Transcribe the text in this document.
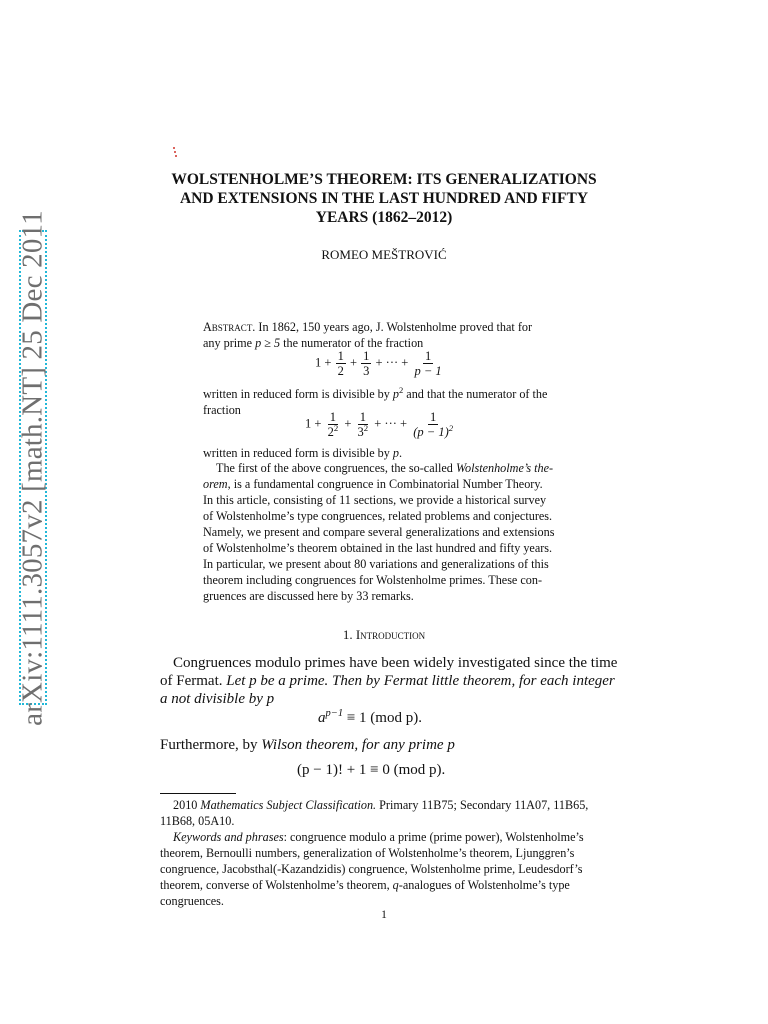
arXiv:1111.3057v2 [math.NT] 25 Dec 2011
WOLSTENHOLME’S THEOREM: ITS GENERALIZATIONS
AND EXTENSIONS IN THE LAST HUNDRED AND FIFTY
YEARS (1862–2012)
ROMEO MEŠTROVIĆ
Abstract. In 1862, 150 years ago, J. Wolstenholme proved that for
any prime p ≥ 5 the numerator of the fraction
$1 + \frac{1}{2} + \frac{1}{3}$ + ··· + $\frac{1}{p - 1}$
written in reduced form is divisible by $p^2$ and that the numerator of the
fraction
$1 + \frac{1}{2^2} + \frac{1}{3^2}$ + ··· + $\frac{1}{(p - 1)^2}$
written in reduced form is divisible by p.
The first of the above congruences, the so-called Wolstenholme’s the-
orem, is a fundamental congruence in Combinatorial Number Theory.
In this article, consisting of 11 sections, we provide a historical survey
of Wolstenholme’s type congruences, related problems and conjectures.
Namely, we present and compare several generalizations and extensions
of Wolstenholme’s theorem obtained in the last hundred and fifty years.
In particular, we present about 80 variations and generalizations of this
theorem including congruences for Wolstenholme primes. These con-
gruences are discussed here by 33 remarks.
1. Introduction
Congruences modulo primes have been widely investigated since the time
of Fermat. Let p be a prime. Then by Fermat little theorem, for each integer
a not divisible by p
$a^{p-1} \equiv 1$ (mod p).
Furthermore, by Wilson theorem, for any prime p
(p − 1)! + 1 ≡ 0 (mod p).
2010 Mathematics Subject Classification. Primary 11B75; Secondary 11A07, 11B65,
11B68, 05A10.
Keywords and phrases: congruence modulo a prime (prime power), Wolstenholme’s
theorem, Bernoulli numbers, generalization of Wolstenholme’s theorem, Ljunggren’s
congruence, Jacobsthal(-Kazandzidis) congruence, Wolstenholme prime, Leudesdorf’s
theorem, converse of Wolstenholme’s theorem, q-analogues of Wolstenholme’s type
congruences.
1
